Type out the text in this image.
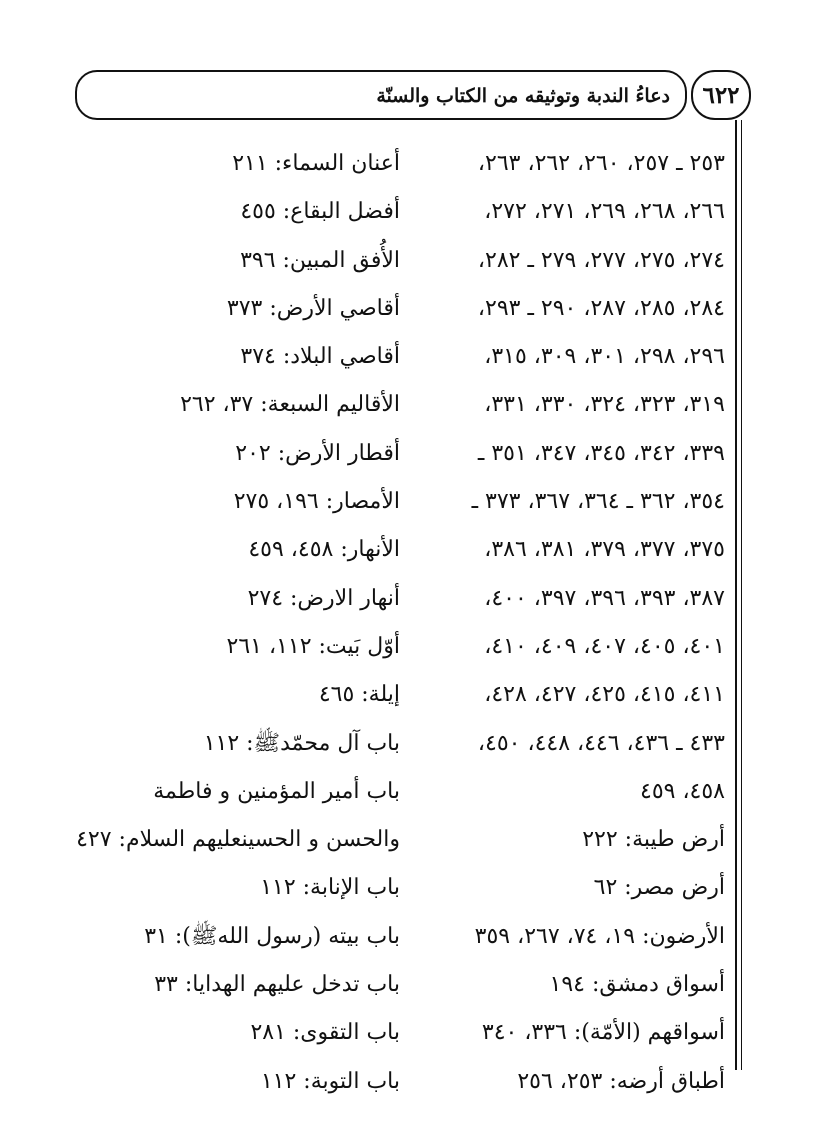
دعاءُ الندبة وتوثيقه من الكتاب والسنّة	٦٢٢
٢٥٣ ـ ٢٥٧، ٢٦٠، ٢٦٢، ٢٦٣،
٢٦٦، ٢٦٨، ٢٦٩، ٢٧١، ٢٧٢،
٢٧٤، ٢٧٥، ٢٧٧، ٢٧٩ ـ ٢٨٢،
٢٨٤، ٢٨٥، ٢٨٧، ٢٩٠ ـ ٢٩٣،
٢٩٦، ٢٩٨، ٣٠١، ٣٠٩، ٣١٥،
٣١٩، ٣٢٣، ٣٢٤، ٣٣٠، ٣٣١،
٣٣٩، ٣٤٢، ٣٤٥، ٣٤٧، ٣٥١ ـ
٣٥٤، ٣٦٢ ـ ٣٦٤، ٣٦٧، ٣٧٣ ـ
٣٧٥، ٣٧٧، ٣٧٩، ٣٨١، ٣٨٦،
٣٨٧، ٣٩٣، ٣٩٦، ٣٩٧، ٤٠٠،
٤٠١، ٤٠٥، ٤٠٧، ٤٠٩، ٤١٠،
٤١١، ٤١٥، ٤٢٥، ٤٢٧، ٤٢٨،
٤٣٣ ـ ٤٣٦، ٤٤٦، ٤٤٨، ٤٥٠،
٤٥٨، ٤٥٩
أرض طيبة: ٢٢٢
أرض مصر: ٦٢
الأرضون: ١٩، ٧٤، ٢٦٧، ٣٥٩
أسواق دمشق: ١٩٤
أسواقهم (الأمّة): ٣٣٦، ٣٤٠
أطباق أرضه: ٢٥٣، ٢٥٦
أعنان السماء: ٢١١
أفضل البقاع: ٤٥٥
الأُفق المبين: ٣٩٦
أقاصي الأرض: ٣٧٣
أقاصي البلاد: ٣٧٤
الأقاليم السبعة: ٣٧، ٢٦٢
أقطار الأرض: ٢٠٢
الأمصار: ١٩٦، ٢٧٥
الأنهار: ٤٥٨، ٤٥٩
أنهار الارض: ٢٧٤
أوّل بَيت: ١١٢، ٢٦١
إيلة: ٤٦٥
باب آل محمّدﷺ: ١١٢
باب أمير المؤمنين و فاطمة
والحسن و الحسينعليهم السلام: ٤٢٧
باب الإنابة: ١١٢
باب بيته (رسول اللهﷺ): ٣١
باب تدخل عليهم الهدايا: ٣٣
باب التقوى: ٢٨١
باب التوبة: ١١٢
